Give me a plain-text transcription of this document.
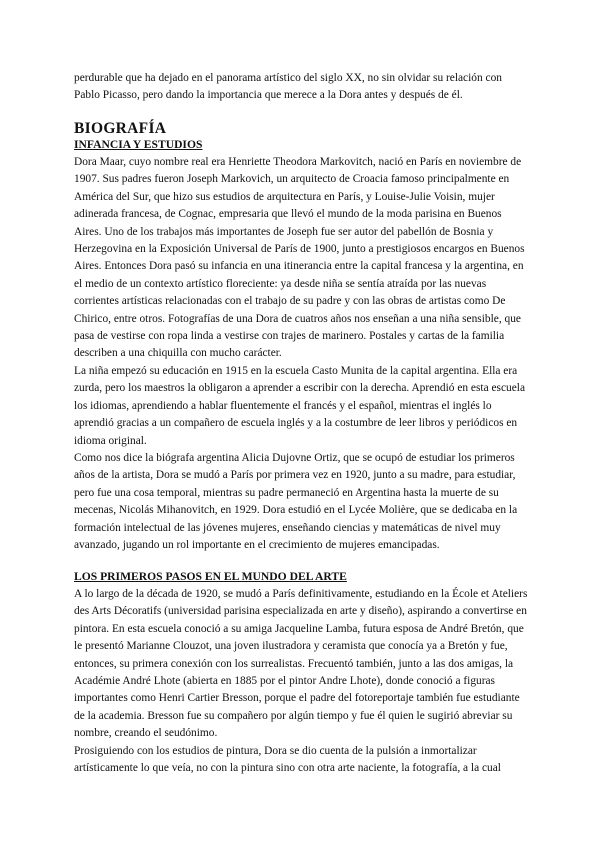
perdurable que ha dejado en el panorama artístico del siglo XX, no sin olvidar su relación con Pablo Picasso, pero dando la importancia que merece a la Dora antes y después de él.
BIOGRAFÍA
INFANCIA Y ESTUDIOS

Dora Maar, cuyo nombre real era Henriette Theodora Markovitch, nació en París en noviembre de 1907. Sus padres fueron Joseph Markovich, un arquitecto de Croacia famoso principalmente en América del Sur, que hizo sus estudios de arquitectura en París, y Louise-Julie Voisin, mujer adinerada francesa, de Cognac, empresaria que llevó el mundo de la moda parisina en Buenos Aires. Uno de los trabajos más importantes de Joseph fue ser autor del pabellón de Bosnia y Herzegovina en la Exposición Universal de París de 1900, junto a prestigiosos encargos en Buenos Aires. Entonces Dora pasó su infancia en una itinerancia entre la capital francesa y la argentina, en el medio de un contexto artístico floreciente: ya desde niña se sentía atraída por las nuevas corrientes artísticas relacionadas con el trabajo de su padre y con las obras de artistas como De Chirico, entre otros. Fotografías de una Dora de cuatros años nos enseñan a una niña sensible, que pasa de vestirse con ropa linda a vestirse con trajes de marinero. Postales y cartas de la familia describen a una chiquilla con mucho carácter.

La niña empezó su educación en 1915 en la escuela Casto Munita de la capital argentina. Ella era zurda, pero los maestros la obligaron a aprender a escribir con la derecha. Aprendió en esta escuela los idiomas, aprendiendo a hablar fluentemente el francés y el español, mientras el inglés lo aprendió gracias a un compañero de escuela inglés y a la costumbre de leer libros y periódicos en idioma original.

Como nos dice la biógrafa argentina Alicia Dujovne Ortiz, que se ocupó de estudiar los primeros años de la artista, Dora se mudó a París por primera vez en 1920, junto a su madre, para estudiar, pero fue una cosa temporal, mientras su padre permaneció en Argentina hasta la muerte de su mecenas, Nicolás Mihanovitch, en 1929. Dora estudió en el Lycée Molière, que se dedicaba en la formación intelectual de las jóvenes mujeres, enseñando ciencias y matemáticas de nivel muy avanzado, jugando un rol importante en el crecimiento de mujeres emancipadas.

LOS PRIMEROS PASOS EN EL MUNDO DEL ARTE

A lo largo de la década de 1920, se mudó a París definitivamente, estudiando en la École et Ateliers des Arts Décoratifs (universidad parisina especializada en arte y diseño), aspirando a convertirse en pintora. En esta escuela conoció a su amiga Jacqueline Lamba, futura esposa de André Bretón, que le presentó Marianne Clouzot, una joven ilustradora y ceramista que conocía ya a Bretón y fue, entonces, su primera conexión con los surrealistas. Frecuentó también, junto a las dos amigas, la Académie André Lhote (abierta en 1885 por el pintor Andre Lhote), donde conoció a figuras importantes como Henri Cartier Bresson, porque el padre del fotoreportaje también fue estudiante de la academia. Bresson fue su compañero por algún tiempo y fue él quien le sugirió abreviar su nombre, creando el seudónimo.

Prosiguiendo con los estudios de pintura, Dora se dio cuenta de la pulsión a inmortalizar artísticamente lo que veía, no con la pintura sino con otra arte naciente, la fotografía, a la cual
